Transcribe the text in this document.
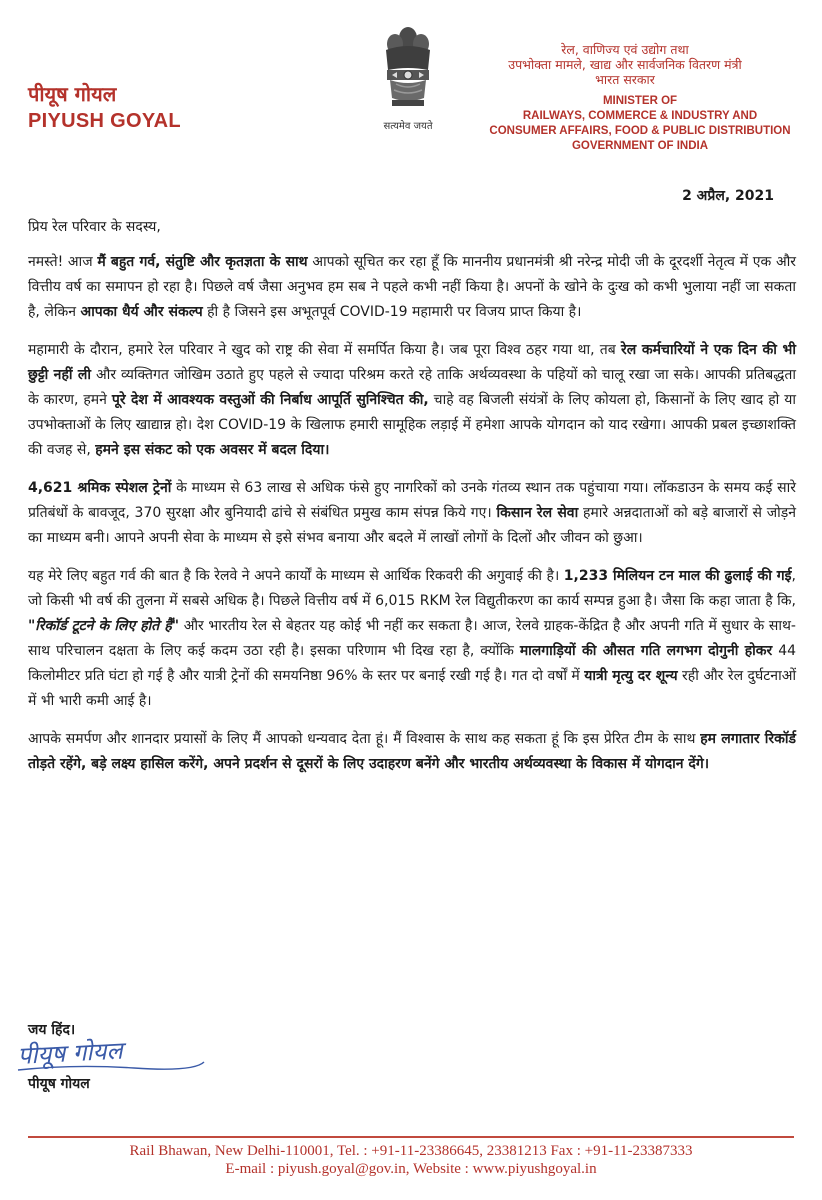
पीयूष गोयल
PIYUSH GOYAL	सत्यमेव जयते
रेल, वाणिज्य एवं उद्योग तथा
उपभोक्ता मामले, खाद्य और सार्वजनिक वितरण मंत्री
भारत सरकार
MINISTER OF
RAILWAYS, COMMERCE & INDUSTRY AND
CONSUMER AFFAIRS, FOOD & PUBLIC DISTRIBUTION
GOVERNMENT OF INDIA
2 अप्रैल, 2021

प्रिय रेल परिवार के सदस्य,

नमस्ते! आज मैं बहुत गर्व, संतुष्टि और कृतज्ञता के साथ आपको सूचित कर रहा हूँ कि माननीय प्रधानमंत्री श्री नरेन्द्र मोदी जी के दूरदर्शी नेतृत्व में एक और वित्तीय वर्ष का समापन हो रहा है। पिछले वर्ष जैसा अनुभव हम सब ने पहले कभी नहीं किया है। अपनों के खोने के दुःख को कभी भुलाया नहीं जा सकता है, लेकिन आपका धैर्य और संकल्प ही है जिसने इस अभूतपूर्व COVID-19 महामारी पर विजय प्राप्त किया है।

महामारी के दौरान, हमारे रेल परिवार ने खुद को राष्ट्र की सेवा में समर्पित किया है। जब पूरा विश्व ठहर गया था, तब रेल कर्मचारियों ने एक दिन की भी छुट्टी नहीं ली और व्यक्तिगत जोखिम उठाते हुए पहले से ज्यादा परिश्रम करते रहे ताकि अर्थव्यवस्था के पहियों को चालू रखा जा सके। आपकी प्रतिबद्धता के कारण, हमने पूरे देश में आवश्यक वस्तुओं की निर्बाध आपूर्ति सुनिश्चित की, चाहे वह बिजली संयंत्रों के लिए कोयला हो, किसानों के लिए खाद हो या उपभोक्ताओं के लिए खाद्यान्न हो। देश COVID-19 के खिलाफ हमारी सामूहिक लड़ाई में हमेशा आपके योगदान को याद रखेगा। आपकी प्रबल इच्छाशक्ति की वजह से, हमने इस संकट को एक अवसर में बदल दिया।

4,621 श्रमिक स्पेशल ट्रेनों के माध्यम से 63 लाख से अधिक फंसे हुए नागरिकों को उनके गंतव्य स्थान तक पहुंचाया गया। लॉकडाउन के समय कई सारे प्रतिबंधों के बावजूद, 370 सुरक्षा और बुनियादी ढांचे से संबंधित प्रमुख काम संपन्न किये गए। किसान रेल सेवा हमारे अन्नदाताओं को बड़े बाजारों से जोड़ने का माध्यम बनी। आपने अपनी सेवा के माध्यम से इसे संभव बनाया और बदले में लाखों लोगों के दिलों और जीवन को छुआ।

यह मेरे लिए बहुत गर्व की बात है कि रेलवे ने अपने कार्यों के माध्यम से आर्थिक रिकवरी की अगुवाई की है। 1,233 मिलियन टन माल की ढुलाई की गई, जो किसी भी वर्ष की तुलना में सबसे अधिक है। पिछले वित्तीय वर्ष में 6,015 RKM रेल विद्युतीकरण का कार्य सम्पन्न हुआ है। जैसा कि कहा जाता है कि, "रिकॉर्ड टूटने के लिए होते हैं" और भारतीय रेल से बेहतर यह कोई भी नहीं कर सकता है। आज, रेलवे ग्राहक-केंद्रित है और अपनी गति में सुधार के साथ-साथ परिचालन दक्षता के लिए कई कदम उठा रही है। इसका परिणाम भी दिख रहा है, क्योंकि मालगाड़ियों की औसत गति लगभग दोगुनी होकर 44 किलोमीटर प्रति घंटा हो गई है और यात्री ट्रेनों की समयनिष्ठा 96% के स्तर पर बनाई रखी गई है। गत दो वर्षों में यात्री मृत्यु दर शून्य रही और रेल दुर्घटनाओं में भी भारी कमी आई है।

आपके समर्पण और शानदार प्रयासों के लिए मैं आपको धन्यवाद देता हूं। मैं विश्वास के साथ कह सकता हूं कि इस प्रेरित टीम के साथ हम लगातार रिकॉर्ड तोड़ते रहेंगे, बड़े लक्ष्य हासिल करेंगे, अपने प्रदर्शन से दूसरों के लिए उदाहरण बनेंगे और भारतीय अर्थव्यवस्था के विकास में योगदान देंगे।

जय हिंद।
पीयूष गोयल
पीयूष गोयल
Rail Bhawan, New Delhi-110001, Tel. : +91-11-23386645, 23381213 Fax : +91-11-23387333
E-mail : piyush.goyal@gov.in, Website : www.piyushgoyal.in
